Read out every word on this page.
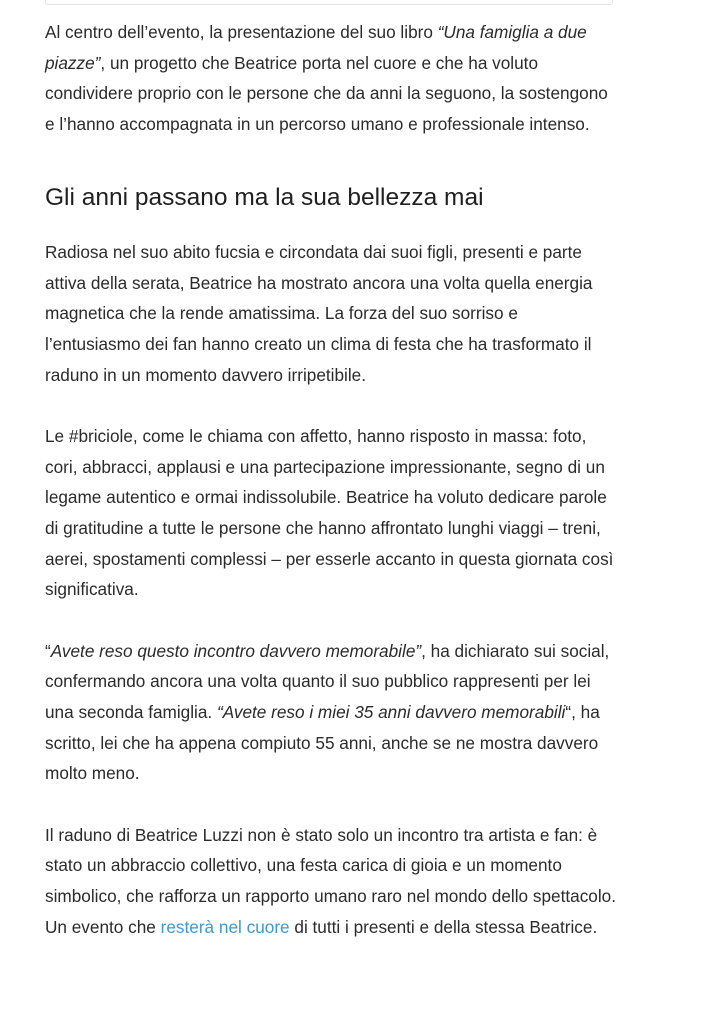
Al centro dell’evento, la presentazione del suo libro “Una famiglia a due piazze”, un progetto che Beatrice porta nel cuore e che ha voluto condividere proprio con le persone che da anni la seguono, la sostengono e l’hanno accompagnata in un percorso umano e professionale intenso.

Gli anni passano ma la sua bellezza mai

Radiosa nel suo abito fucsia e circondata dai suoi figli, presenti e parte attiva della serata, Beatrice ha mostrato ancora una volta quella energia magnetica che la rende amatissima. La forza del suo sorriso e l’entusiasmo dei fan hanno creato un clima di festa che ha trasformato il raduno in un momento davvero irripetibile.

Le #briciole, come le chiama con affetto, hanno risposto in massa: foto, cori, abbracci, applausi e una partecipazione impressionante, segno di un legame autentico e ormai indissolubile. Beatrice ha voluto dedicare parole di gratitudine a tutte le persone che hanno affrontato lunghi viaggi – treni, aerei, spostamenti complessi – per esserle accanto in questa giornata così significativa.

“Avete reso questo incontro davvero memorabile”, ha dichiarato sui social, confermando ancora una volta quanto il suo pubblico rappresenti per lei una seconda famiglia. “Avete reso i miei 35 anni davvero memorabili“, ha scritto, lei che ha appena compiuto 55 anni, anche se ne mostra davvero molto meno.

Il raduno di Beatrice Luzzi non è stato solo un incontro tra artista e fan: è stato un abbraccio collettivo, una festa carica di gioia e un momento simbolico, che rafforza un rapporto umano raro nel mondo dello spettacolo. Un evento che resterà nel cuore di tutti i presenti e della stessa Beatrice.
